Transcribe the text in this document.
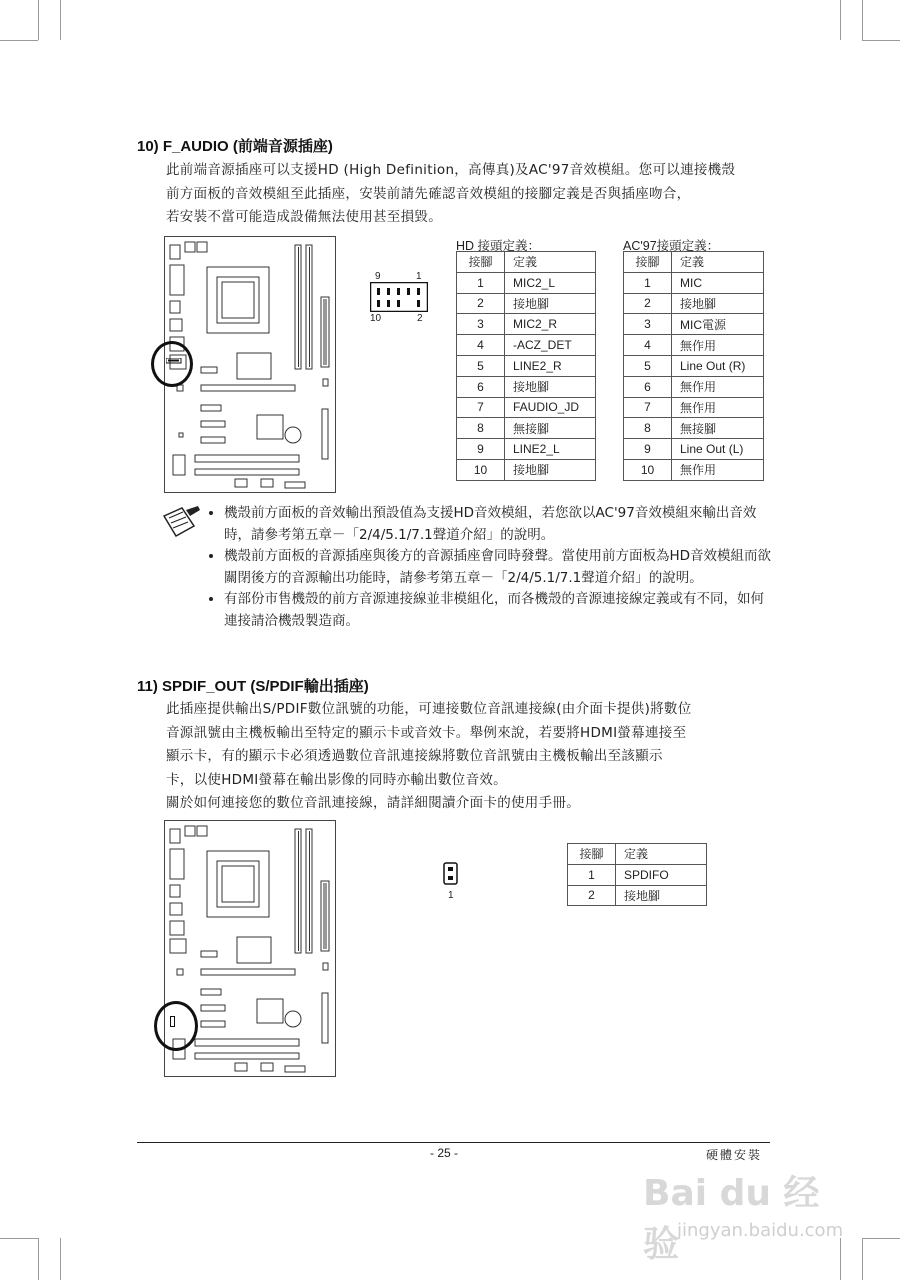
10) F_AUDIO (前端音源插座)

此前端音源插座可以支援HD (High Definition，高傳真)及AC'97音效模組。您可以連接機殼

前方面板的音效模組至此插座，安裝前請先確認音效模組的接腳定義是否與插座吻合，

若安裝不當可能造成設備無法使用甚至損毀。

9	1
10	2
HD 接頭定義：
接腳	定義
1	MIC2_L
2	接地腳
3	MIC2_R
4	-ACZ_DET
5	LINE2_R
6	接地腳
7	FAUDIO_JD
8	無接腳
9	LINE2_L
10	接地腳
AC'97接頭定義：
接腳	定義
1	MIC
2	接地腳
3	MIC電源
4	無作用
5	Line Out (R)
6	無作用
7	無作用
8	無接腳
9	Line Out (L)
10	無作用
• 機殼前方面板的音效輸出預設值為支援HD音效模組，若您欲以AC'97音效模組來輸出音效時，請參考第五章－「2/4/5.1/7.1聲道介紹」的說明。
• 機殼前方面板的音源插座與後方的音源插座會同時發聲。當使用前方面板為HD音效模組而欲關閉後方的音源輸出功能時，請參考第五章－「2/4/5.1/7.1聲道介紹」的說明。
• 有部份市售機殼的前方音源連接線並非模組化，而各機殼的音源連接線定義或有不同，如何連接請洽機殼製造商。
11) SPDIF_OUT (S/PDIF輸出插座)

此插座提供輸出S/PDIF數位訊號的功能，可連接數位音訊連接線(由介面卡提供)將數位

音源訊號由主機板輸出至特定的顯示卡或音效卡。舉例來說，若要將HDMI螢幕連接至

顯示卡，有的顯示卡必須透過數位音訊連接線將數位音訊號由主機板輸出至該顯示

卡，以使HDMI螢幕在輸出影像的同時亦輸出數位音效。

關於如何連接您的數位音訊連接線，請詳細閱讀介面卡的使用手冊。

1
接腳	定義
1	SPDIFO
2	接地腳
- 25 -	硬體安裝
Bai du 经验
jingyan.baidu.com
